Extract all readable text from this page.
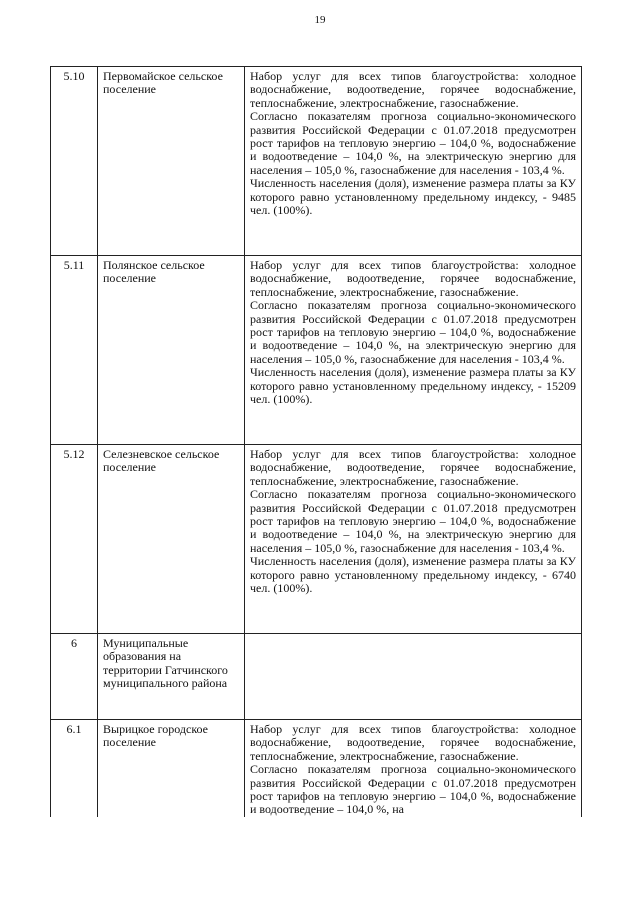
19
5.10	Первомайское сельское поселение	Набор услуг для всех типов благоустройства: холодное водоснабжение, водоотведение, горячее водоснабжение, теплоснабжение, электроснабжение, газоснабжение.
Согласно показателям прогноза социально-экономического развития Российской Федерации с 01.07.2018 предусмотрен рост тарифов на тепловую энергию – 104,0 %, водоснабжение и водоотведение – 104,0 %, на электрическую энергию для населения – 105,0 %, газоснабжение для населения - 103,4 %.
Численность населения (доля), изменение размера платы за КУ которого равно установленному предельному индексу, - 9485 чел. (100%).

5.11	Полянское сельское поселение	Набор услуг для всех типов благоустройства: холодное водоснабжение, водоотведение, горячее водоснабжение, теплоснабжение, электроснабжение, газоснабжение.
Согласно показателям прогноза социально-экономического развития Российской Федерации с 01.07.2018 предусмотрен рост тарифов на тепловую энергию – 104,0 %, водоснабжение и водоотведение – 104,0 %, на электрическую энергию для населения – 105,0 %, газоснабжение для населения - 103,4 %.
Численность населения (доля), изменение размера платы за КУ которого равно установленному предельному индексу, - 15209 чел. (100%).

5.12	Селезневское сельское поселение	Набор услуг для всех типов благоустройства: холодное водоснабжение, водоотведение, горячее водоснабжение, теплоснабжение, электроснабжение, газоснабжение.
Согласно показателям прогноза социально-экономического развития Российской Федерации с 01.07.2018 предусмотрен рост тарифов на тепловую энергию – 104,0 %, водоснабжение и водоотведение – 104,0 %, на электрическую энергию для населения – 105,0 %, газоснабжение для населения - 103,4 %.
Численность населения (доля), изменение размера платы за КУ которого равно установленному предельному индексу, - 6740 чел. (100%).

6	Муниципальные образования на территории Гатчинского муниципального района	
6.1	Вырицкое городское поселение	Набор услуг для всех типов благоустройства: холодное водоснабжение, водоотведение, горячее водоснабжение, теплоснабжение, электроснабжение, газоснабжение.
Согласно показателям прогноза социально-экономического развития Российской Федерации с 01.07.2018 предусмотрен рост тарифов на тепловую энергию – 104,0 %, водоснабжение и водоотведение – 104,0 %, на
